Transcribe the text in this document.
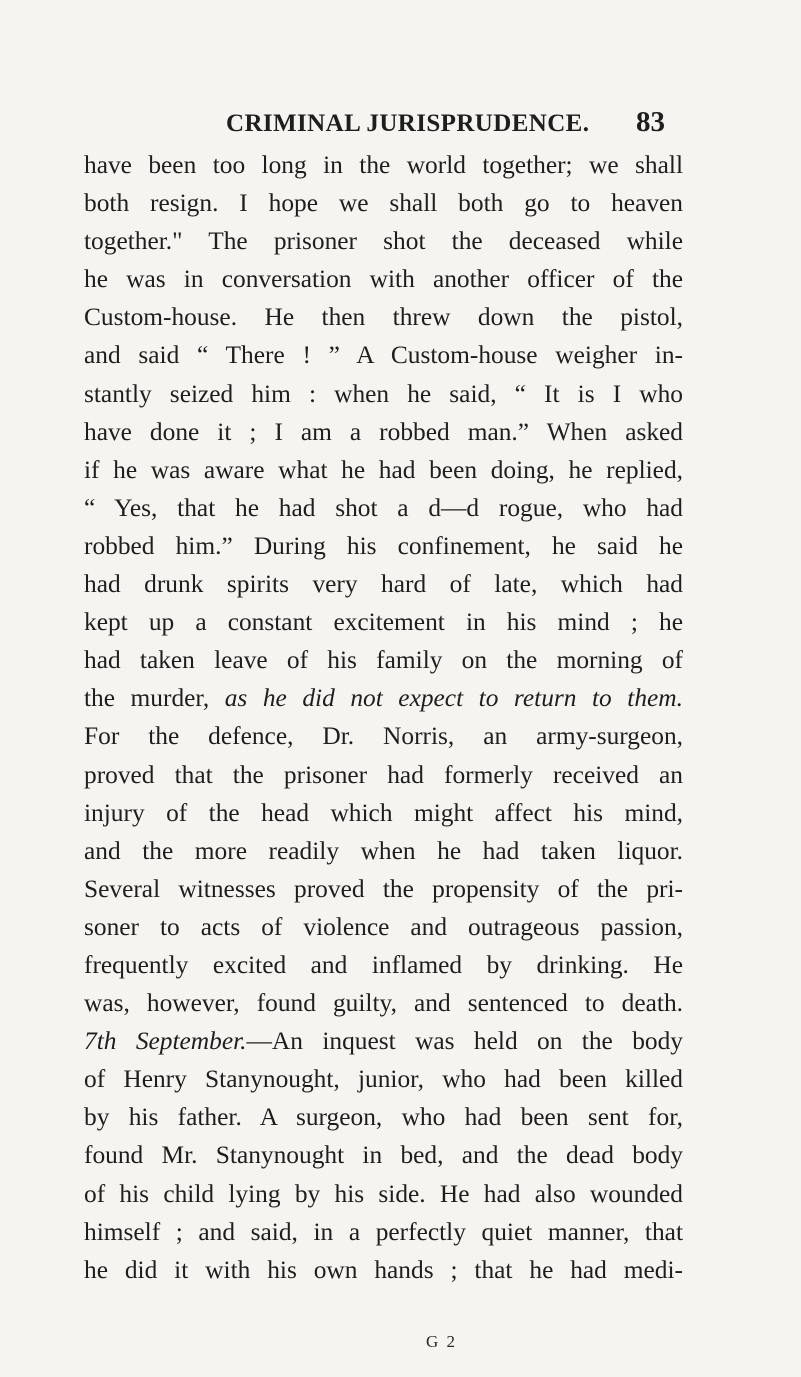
CRIMINAL JURISPRUDENCE. 83
have been too long in the world together; we shall
both resign. I hope we shall both go to heaven
together." The prisoner shot the deceased while
he was in conversation with another officer of the
Custom-house. He then threw down the pistol,
and said “ There ! ” A Custom-house weigher in-
stantly seized him : when he said, “ It is I who
have done it ; I am a robbed man.” When asked
if he was aware what he had been doing, he replied,
“ Yes, that he had shot a d—d rogue, who had
robbed him.” During his confinement, he said he
had drunk spirits very hard of late, which had
kept up a constant excitement in his mind ; he
had taken leave of his family on the morning of
the murder, as he did not expect to return to them.
For the defence, Dr. Norris, an army-surgeon,
proved that the prisoner had formerly received an
injury of the head which might affect his mind,
and the more readily when he had taken liquor.
Several witnesses proved the propensity of the pri-
soner to acts of violence and outrageous passion,
frequently excited and inflamed by drinking. He
was, however, found guilty, and sentenced to death.
7th September.—An inquest was held on the body
of Henry Stanynought, junior, who had been killed
by his father. A surgeon, who had been sent for,
found Mr. Stanynought in bed, and the dead body
of his child lying by his side. He had also wounded
himself ; and said, in a perfectly quiet manner, that
he did it with his own hands ; that he had medi-
G 2
